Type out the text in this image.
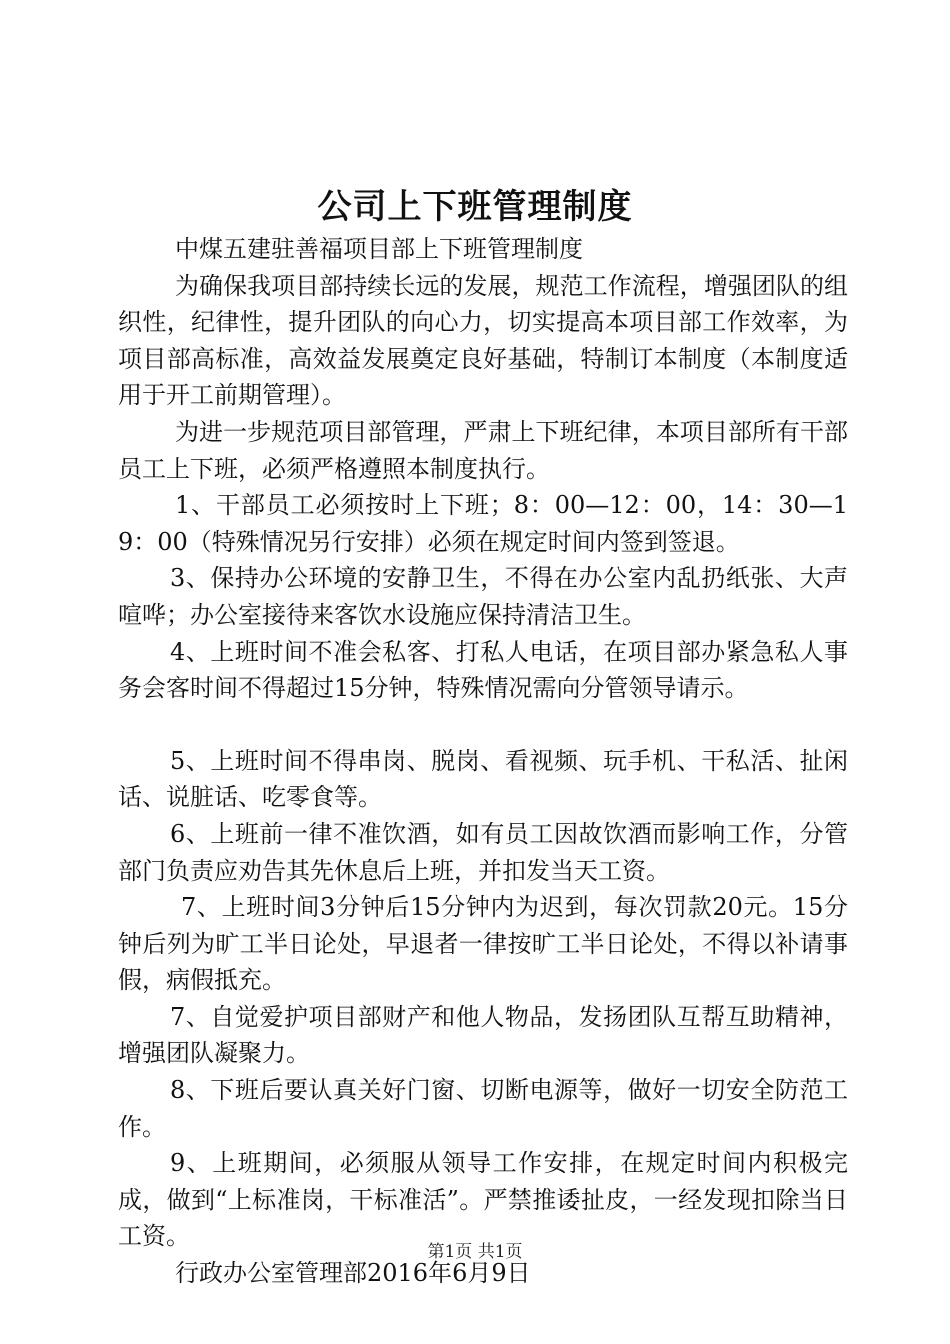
公司上下班管理制度

中煤五建驻善福项目部上下班管理制度

为确保我项目部持续长远的发展，规范工作流程，增强团队的组织性，纪律性，提升团队的向心力，切实提高本项目部工作效率，为项目部高标准，高效益发展奠定良好基础，特制订本制度（本制度适用于开工前期管理）。

为进一步规范项目部管理，严肃上下班纪律，本项目部所有干部员工上下班，必须严格遵照本制度执行。

1、干部员工必须按时上下班；8：00—12：00，14：30—19：00（特殊情况另行安排）必须在规定时间内签到签退。

3、保持办公环境的安静卫生，不得在办公室内乱扔纸张、大声喧哗；办公室接待来客饮水设施应保持清洁卫生。

4、上班时间不准会私客、打私人电话，在项目部办紧急私人事务会客时间不得超过15分钟，特殊情况需向分管领导请示。

5、上班时间不得串岗、脱岗、看视频、玩手机、干私活、扯闲话、说脏话、吃零食等。

6、上班前一律不准饮酒，如有员工因故饮酒而影响工作，分管部门负责应劝告其先休息后上班，并扣发当天工资。

7、上班时间3分钟后15分钟内为迟到，每次罚款20元。15分钟后列为旷工半日论处，早退者一律按旷工半日论处，不得以补请事假，病假抵充。

7、自觉爱护项目部财产和他人物品，发扬团队互帮互助精神，增强团队凝聚力。

8、下班后要认真关好门窗、切断电源等，做好一切安全防范工作。

9、上班期间，必须服从领导工作安排，在规定时间内积极完成，做到“上标准岗，干标准活”。严禁推诿扯皮，一经发现扣除当日工资。

行政办公室管理部2016年6月9日

第1页 共1页
